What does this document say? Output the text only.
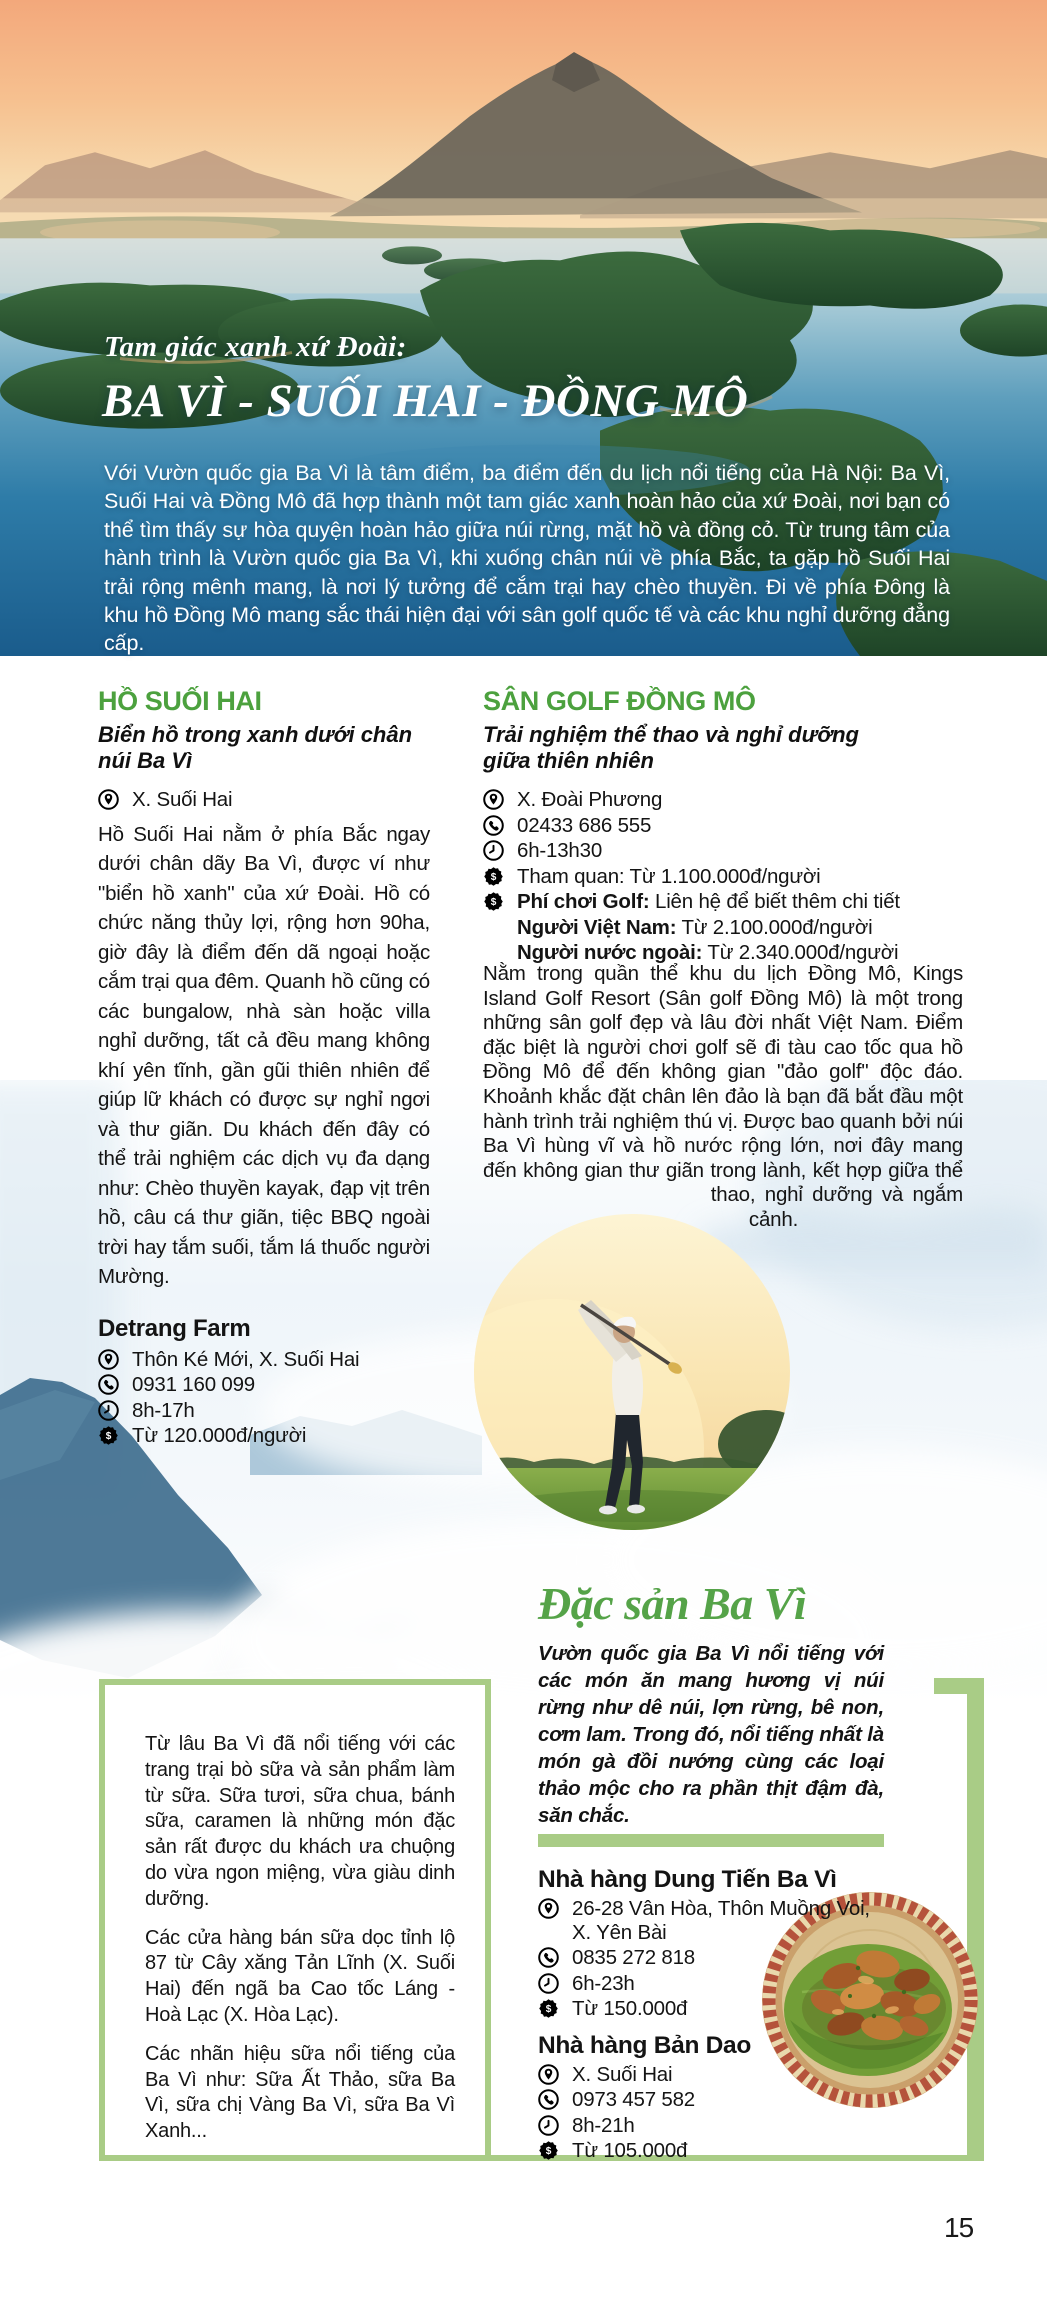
Tam giác xanh xứ Đoài:
BA VÌ - SUỐI HAI - ĐỒNG MÔ

Với Vườn quốc gia Ba Vì là tâm điểm, ba điểm đến du lịch nổi tiếng của Hà Nội: Ba Vì, Suối Hai và Đồng Mô đã hợp thành một tam giác xanh hoàn hảo của xứ Đoài, nơi bạn có thể tìm thấy sự hòa quyện hoàn hảo giữa núi rừng, mặt hồ và đồng cỏ. Từ trung tâm của hành trình là Vườn quốc gia Ba Vì, khi xuống chân núi về phía Bắc, ta gặp hồ Suối Hai trải rộng mênh mang, là nơi lý tưởng để cắm trại hay chèo thuyền. Đi về phía Đông là khu hồ Đồng Mô mang sắc thái hiện đại với sân golf quốc tế và các khu nghỉ dưỡng đẳng cấp.

HỒ SUỐI HAI

Biển hồ trong xanh dưới chân núi Ba Vì

X. Suối Hai

Hồ Suối Hai nằm ở phía Bắc ngay dưới chân dãy Ba Vì, được ví như "biển hồ xanh" của xứ Đoài. Hồ có chức năng thủy lợi, rộng hơn 90ha, giờ đây là điểm đến dã ngoại hoặc cắm trại qua đêm. Quanh hồ cũng có các bungalow, nhà sàn hoặc villa nghỉ dưỡng, tất cả đều mang không khí yên tĩnh, gần gũi thiên nhiên để giúp lữ khách có được sự nghỉ ngơi và thư giãn. Du khách đến đây có thể trải nghiệm các dịch vụ đa dạng như: Chèo thuyền kayak, đạp vịt trên hồ, câu cá thư giãn, tiệc BBQ ngoài trời hay tắm suối, tắm lá thuốc người Mường.

Detrang Farm
Thôn Ké Mới, X. Suối Hai
0931 160 099
8h-17h
$ Từ 120.000đ/người
SÂN GOLF ĐỒNG MÔ

Trải nghiệm thể thao và nghỉ dưỡng giữa thiên nhiên

X. Đoài Phương
02433 686 555
6h-13h30
$ Tham quan: Từ 1.100.000đ/người
$ Phí chơi Golf: Liên hệ để biết thêm chi tiết
Người Việt Nam: Từ 2.100.000đ/người
Người nước ngoài: Từ 2.340.000đ/người

Nằm trong quần thể khu du lịch Đồng Mô, Kings Island Golf Resort (Sân golf Đồng Mô) là một trong những sân golf đẹp và lâu đời nhất Việt Nam. Điểm đặc biệt là người chơi golf sẽ đi tàu cao tốc qua hồ Đồng Mô để đến không gian "đảo golf" độc đáo. Khoảnh khắc đặt chân lên đảo là bạn đã bắt đầu một hành trình trải nghiệm thú vị. Được bao quanh bởi núi Ba Vì hùng vĩ và hồ nước rộng lớn, nơi đây mang đến không gian thư giãn trong lành, kết hợp giữa thể thao, nghỉ dưỡng và ngắm cảnh.

Đặc sản Ba Vì

Vườn quốc gia Ba Vì nổi tiếng với các món ăn mang hương vị núi rừng như dê núi, lợn rừng, bê non, cơm lam. Trong đó, nổi tiếng nhất là món gà đồi nướng cùng các loại thảo mộc cho ra phần thịt đậm đà, săn chắc.

Nhà hàng Dung Tiến Ba Vì
26-28 Vân Hòa, Thôn Muồng Voi, X. Yên Bài
0835 272 818
6h-23h
$ Từ 150.000đ
Nhà hàng Bản Dao
X. Suối Hai
0973 457 582
8h-21h
$ Từ 105.000đ

Từ lâu Ba Vì đã nổi tiếng với các trang trại bò sữa và sản phẩm làm từ sữa. Sữa tươi, sữa chua, bánh sữa, caramen là những món đặc sản rất được du khách ưa chuộng do vừa ngon miệng, vừa giàu dinh dưỡng.

Các cửa hàng bán sữa dọc tỉnh lộ 87 từ Cây xăng Tản Lĩnh (X. Suối Hai) đến ngã ba Cao tốc Láng - Hoà Lạc (X. Hòa Lạc).

Các nhãn hiệu sữa nổi tiếng của Ba Vì như: Sữa Ất Thảo, sữa Ba Vì, sữa chị Vàng Ba Vì, sữa Ba Vì Xanh...

15
